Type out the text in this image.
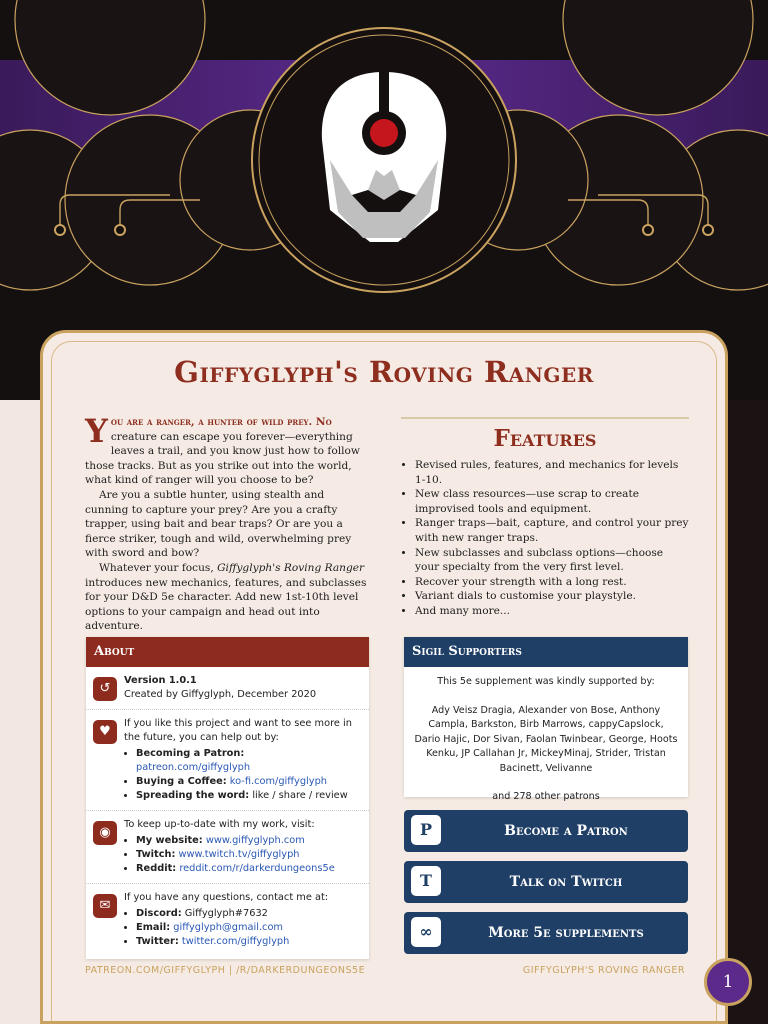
Giffyglyph's Roving Ranger

You are a ranger, a hunter of wild prey. No creature can escape you forever—everything leaves a trail, and you know just how to follow those tracks. But as you strike out into the world, what kind of ranger will you choose to be?

Are you a subtle hunter, using stealth and cunning to capture your prey? Are you a crafty trapper, using bait and bear traps? Or are you a fierce striker, tough and wild, overwhelming prey with sword and bow?

Whatever your focus, Giffyglyph's Roving Ranger introduces new mechanics, features, and subclasses for your D&D 5e character. Add new 1st-10th level options to your campaign and head out into adventure.

Features
• Revised rules, features, and mechanics for levels 1-10.
• New class resources—use scrap to create improvised tools and equipment.
• Ranger traps—bait, capture, and control your prey with new ranger traps.
• New subclasses and subclass options—choose your specialty from the very first level.
• Recover your strength with a long rest.
• Variant dials to customise your playstyle.
• And many more...
About
↺
Version 1.0.1
Created by Giffyglyph, December 2020
♥
If you like this project and want to see more in the future, you can help out by:
• Becoming a Patron: patreon.com/giffyglyph
• Buying a Coffee: ko-fi.com/giffyglyph
• Spreading the word: like / share / review
◉
To keep up-to-date with my work, visit:
• My website: www.giffyglyph.com
• Twitch: www.twitch.tv/giffyglyph
• Reddit: reddit.com/r/darkerdungeons5e
✉
If you have any questions, contact me at:
• Discord: Giffyglyph#7632
• Email: giffyglyph@gmail.com
• Twitter: twitter.com/giffyglyph
Sigil Supporters

This 5e supplement was kindly supported by:

Ady Veisz Dragia, Alexander von Bose, Anthony Campla, Barkston, Birb Marrows, cappyCapslock, Dario Hajic, Dor Sivan, Faolan Twinbear, George, Hoots Kenku, JP Callahan Jr, MickeyMinaj, Strider, Tristan Bacinett, Velivanne

and 278 other patrons

P	Become a Patron
T	Talk on Twitch
∞	More 5e supplements
PATREON.COM/GIFFYGLYPH | /R/DARKERDUNGEONS5E	GIFFYGLYPH'S ROVING RANGER
1
